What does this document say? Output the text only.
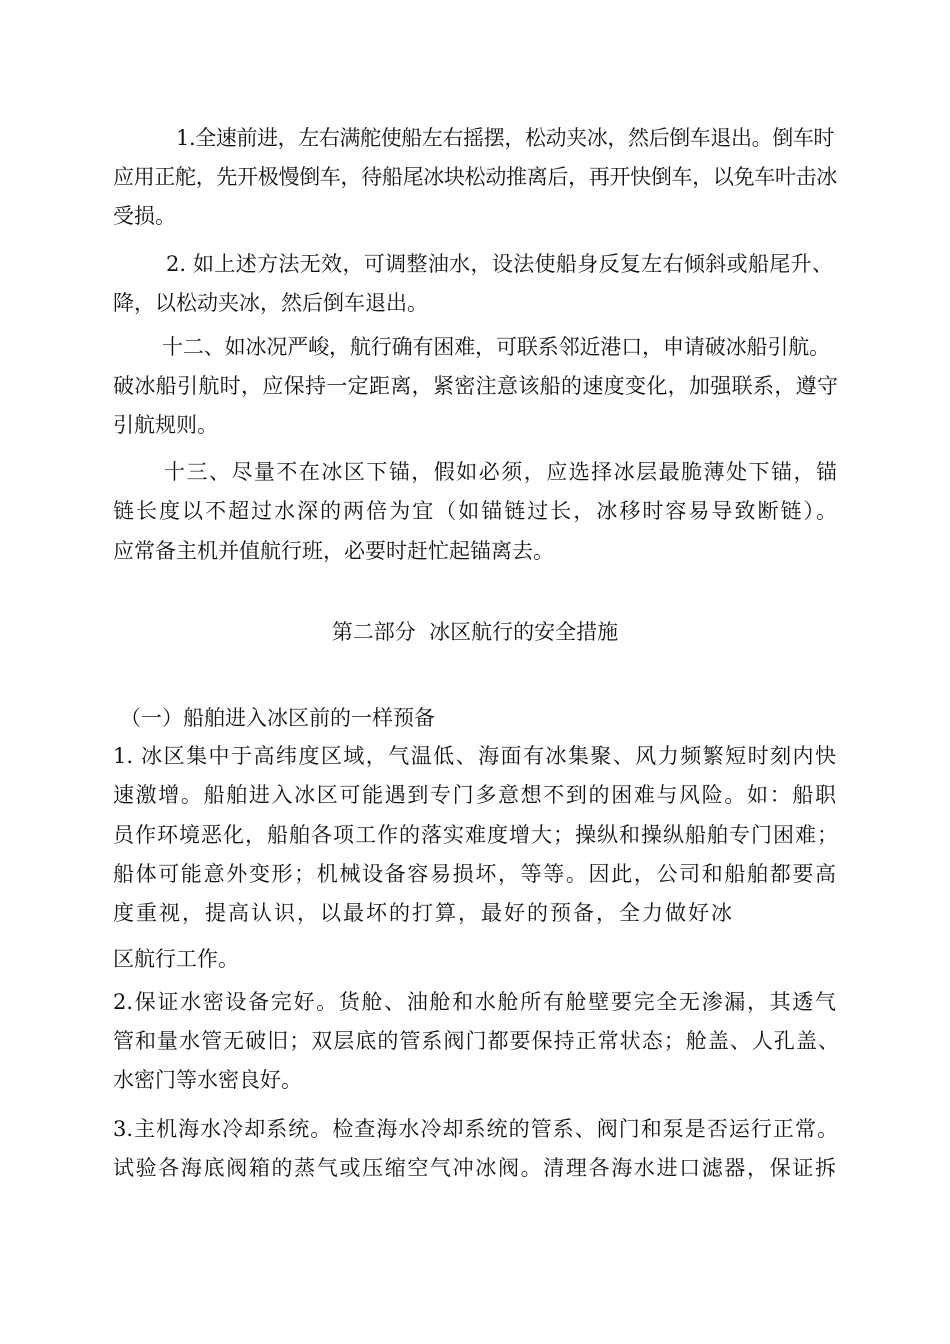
1.全速前进，左右满舵使船左右摇摆，松动夹冰，然后倒车退出。倒车时
应用正舵，先开极慢倒车，待船尾冰块松动推离后，再开快倒车，以免车叶击冰
受损。
2. 如上述方法无效，可调整油水，设法使船身反复左右倾斜或船尾升、
降，以松动夹冰，然后倒车退出。
十二、如冰况严峻，航行确有困难，可联系邻近港口，申请破冰船引航。
破冰船引航时，应保持一定距离，紧密注意该船的速度变化，加强联系，遵守
引航规则。
十三、尽量不在冰区下锚，假如必须，应选择冰层最脆薄处下锚，锚
链长度以不超过水深的两倍为宜（如锚链过长，冰移时容易导致断链）。
应常备主机并值航行班，必要时赶忙起锚离去。
第二部分  冰区航行的安全措施
（一）船舶进入冰区前的一样预备
1. 冰区集中于高纬度区域，气温低、海面有冰集聚、风力频繁短时刻内快
速激增。船舶进入冰区可能遇到专门多意想不到的困难与风险。如：船职
员作环境恶化，船舶各项工作的落实难度增大；操纵和操纵船舶专门困难；
船体可能意外变形；机械设备容易损坏，等等。因此，公司和船舶都要高
度重视，提高认识，以最坏的打算，最好的预备，全力做好冰
区航行工作。
2.保证水密设备完好。货舱、油舱和水舱所有舱壁要完全无渗漏，其透气
管和量水管无破旧；双层底的管系阀门都要保持正常状态；舱盖、人孔盖、
水密门等水密良好。
3.主机海水冷却系统。检查海水冷却系统的管系、阀门和泵是否运行正常。
试验各海底阀箱的蒸气或压缩空气冲冰阀。清理各海水进口滤器，保证拆
